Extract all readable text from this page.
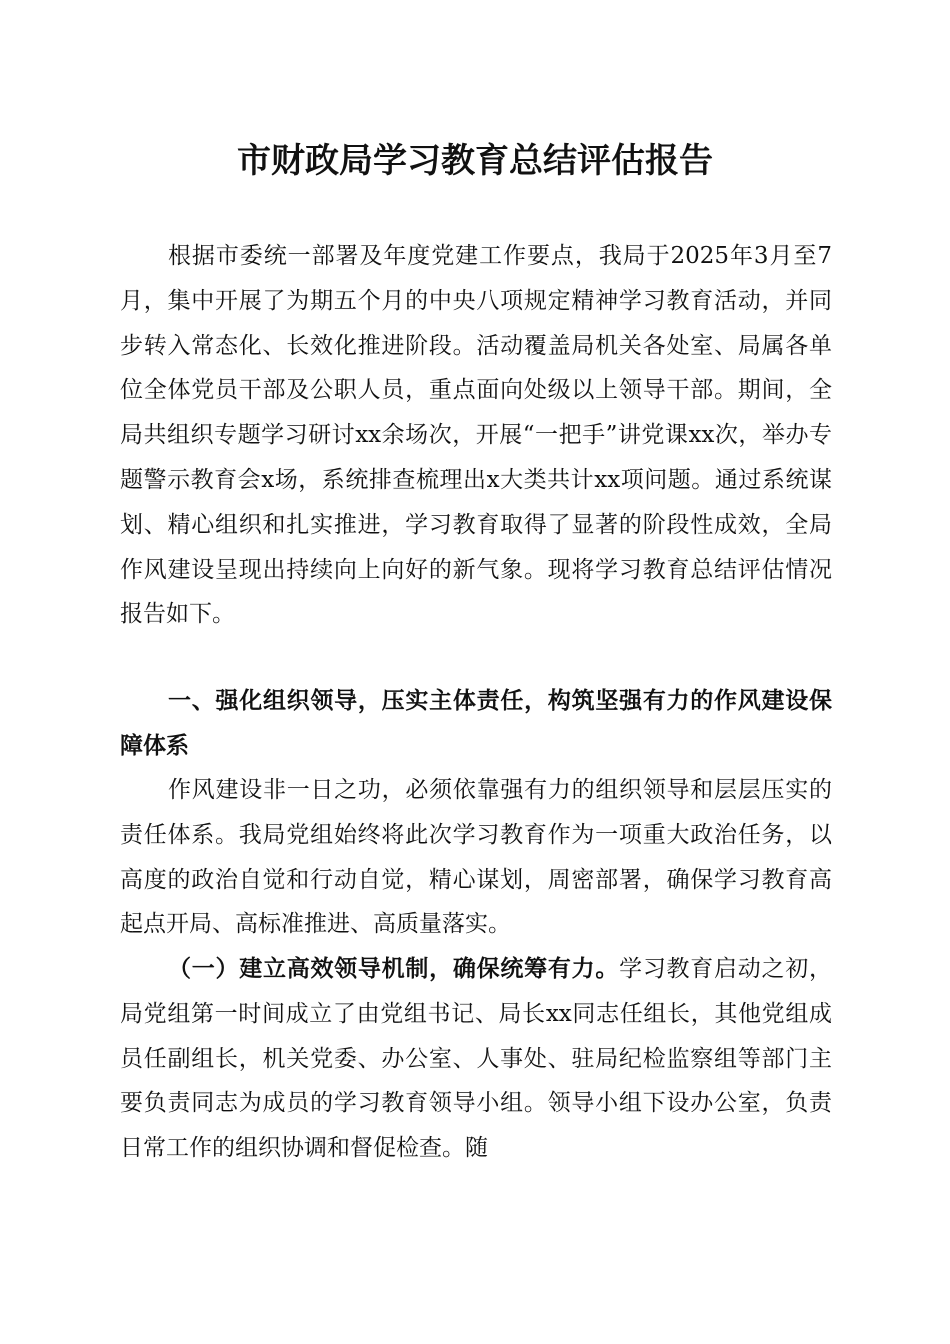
市财政局学习教育总结评估报告

根据市委统一部署及年度党建工作要点，我局于2025年3月至7月，集中开展了为期五个月的中央八项规定精神学习教育活动，并同步转入常态化、长效化推进阶段。活动覆盖局机关各处室、局属各单位全体党员干部及公职人员，重点面向处级以上领导干部。期间，全局共组织专题学习研讨xx余场次，开展“一把手”讲党课xx次，举办专题警示教育会x场，系统排查梳理出x大类共计xx项问题。通过系统谋划、精心组织和扎实推进，学习教育取得了显著的阶段性成效，全局作风建设呈现出持续向上向好的新气象。现将学习教育总结评估情况报告如下。

一、强化组织领导，压实主体责任，构筑坚强有力的作风建设保障体系

作风建设非一日之功，必须依靠强有力的组织领导和层层压实的责任体系。我局党组始终将此次学习教育作为一项重大政治任务，以高度的政治自觉和行动自觉，精心谋划，周密部署，确保学习教育高起点开局、高标准推进、高质量落实。

（一）建立高效领导机制，确保统筹有力。学习教育启动之初，局党组第一时间成立了由党组书记、局长xx同志任组长，其他党组成员任副组长，机关党委、办公室、人事处、驻局纪检监察组等部门主要负责同志为成员的学习教育领导小组。领导小组下设办公室，负责日常工作的组织协调和督促检查。随
